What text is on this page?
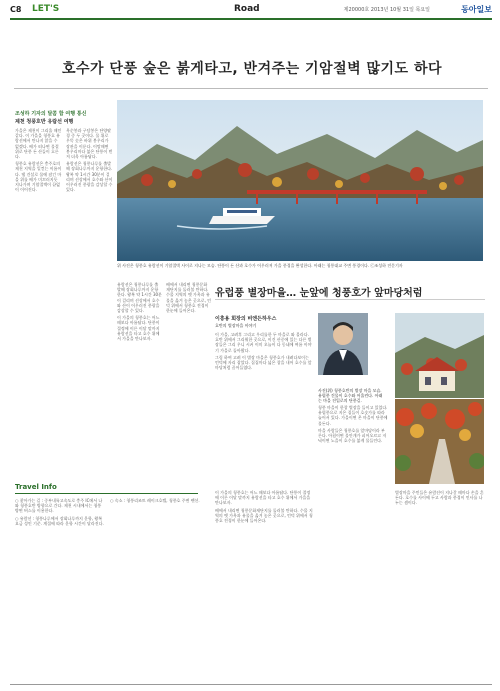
C8 LET'S	Road	제20000호 2013년 10월 31일 목요일	동아일보
호수가 단풍 숲은 붉게타고, 반겨주는 기암절벽 많기도 하다
조성하 기자의 달콤 함 여행 통신
제천 청풍호반 유람선 여행

가을은 제천이 그리울 때인 같다. 이 가을을 청풍호 유람선에서 만나지 않을 수 없겠다. 배가 떠나면 물결 위로 단풍 든 산들이 흐른다.

청풍호 유람선은 충주호의 제천 지역을 일컫는 이름이다. 댐 건설로 물에 잠긴 마을 위를 배가 미끄러지듯 지나가며 기암절벽이 끝없이 이어진다.

옥순봉과 구담봉은 단양팔경 중 두 곳이다. 물 위로 우뚝 솟은 바위 봉우리가 장관을 이룬다. 이맘때면 봉우리마다 붉은 단풍이 번져 더욱 아름답다.

유람선은 청풍나루를 출발해 장회나루까지 운항한다. 왕복 약 1시간 30분이 걸리며 선상에서 호수와 산이 어우러진 풍광을 감상할 수 있다.

위 사진은 청풍호 유람선이 기암절벽 사이로 지나는 모습. 단풍이 든 산과 호수가 어우러져 가을 풍경을 완성한다. 아래는 청풍대교 주변 풍경이다. ⓒ조성하 전문기자

유람선은 청풍나루를 출발해 장회나루까지 운항한다. 왕복 약 1시간 30분이 걸리며 선상에서 호수와 산이 어우러진 풍광을 감상할 수 있다.

이 가을의 청풍호는 어느 때보다 아름답다. 단풍이 절정에 이른 이달 말까지 유람선을 타고 호수 위에서 가을을 만나보자.

배에서 내리면 청풍문화재단지를 둘러볼 만하다. 수몰 지역의 옛 가옥과 유물을 옮겨 놓은 곳으로, 언덕 위에서 청풍호 전경이 한눈에 들어온다.

유럽풍 별장마을… 눈앞에 청풍호가 앞마당처럼
이흥용 회장의 비엔든하우스
호반의 별장마을 이야기

이 가을, 고려후 그리고 우리를한 두 마을로 와 몰라다. 호반 위에서 그리워한 곳으로, 이건 산중에 있는 다른 별장들은 그리 우니 시커 이미 오늘이 다 동네에 여름 이야기 가을로 돌아왔다.

그림 하여 고려 이 별장 마을은 청풍호가 내려다보이는 언덕에 자리 잡았다. 집집마다 넓은 창을 내어 호수를 앞마당처럼 끌어들였다.

사진(위) 청풍호반의 별장 마을 모습. 유럽풍 건물이 호수와 어울린다. 아래는 마을 진입로의 단풍길.

청풍 마을이 한창 별장을 들이고 있었다. 유럽풍으로 지은 집들이 호숫가를 따라 늘어서 있다. 가을이면 온 마을이 단풍에 물든다.

마을 사람들은 청풍호를 앞마당이라 부른다. 아침이면 물안개가 피어오르고 저녁이면 노을이 호수를 붉게 물들인다.

별장마을 주민들은 유람선이 지나갈 때마다 손을 흔든다. 호수를 사이에 두고 사람과 풍경이 인사를 나누는 셈이다.

이 가을의 청풍호는 어느 때보다 아름답다. 단풍이 절정에 이른 이달 말까지 유람선을 타고 호수 위에서 가을을 만나보자.

배에서 내리면 청풍문화재단지를 둘러볼 만하다. 수몰 지역의 옛 가옥과 유물을 옮겨 놓은 곳으로, 언덕 위에서 청풍호 전경이 한눈에 들어온다.

Travel Info

○ 찾아가는 길 : 중부내륙고속도로 충주 IC에서 나와 청풍호반 방향으로 간다. 제천 시내에서는 청풍 방면 버스를 이용한다.

○ 유람선 : 청풍나루에서 장회나루까지 운항, 왕복 요금 성인 기준. 계절에 따라 운항 시간이 달라진다.

○ 숙소 : 청풍리조트 레이크호텔, 청풍호 주변 펜션.
